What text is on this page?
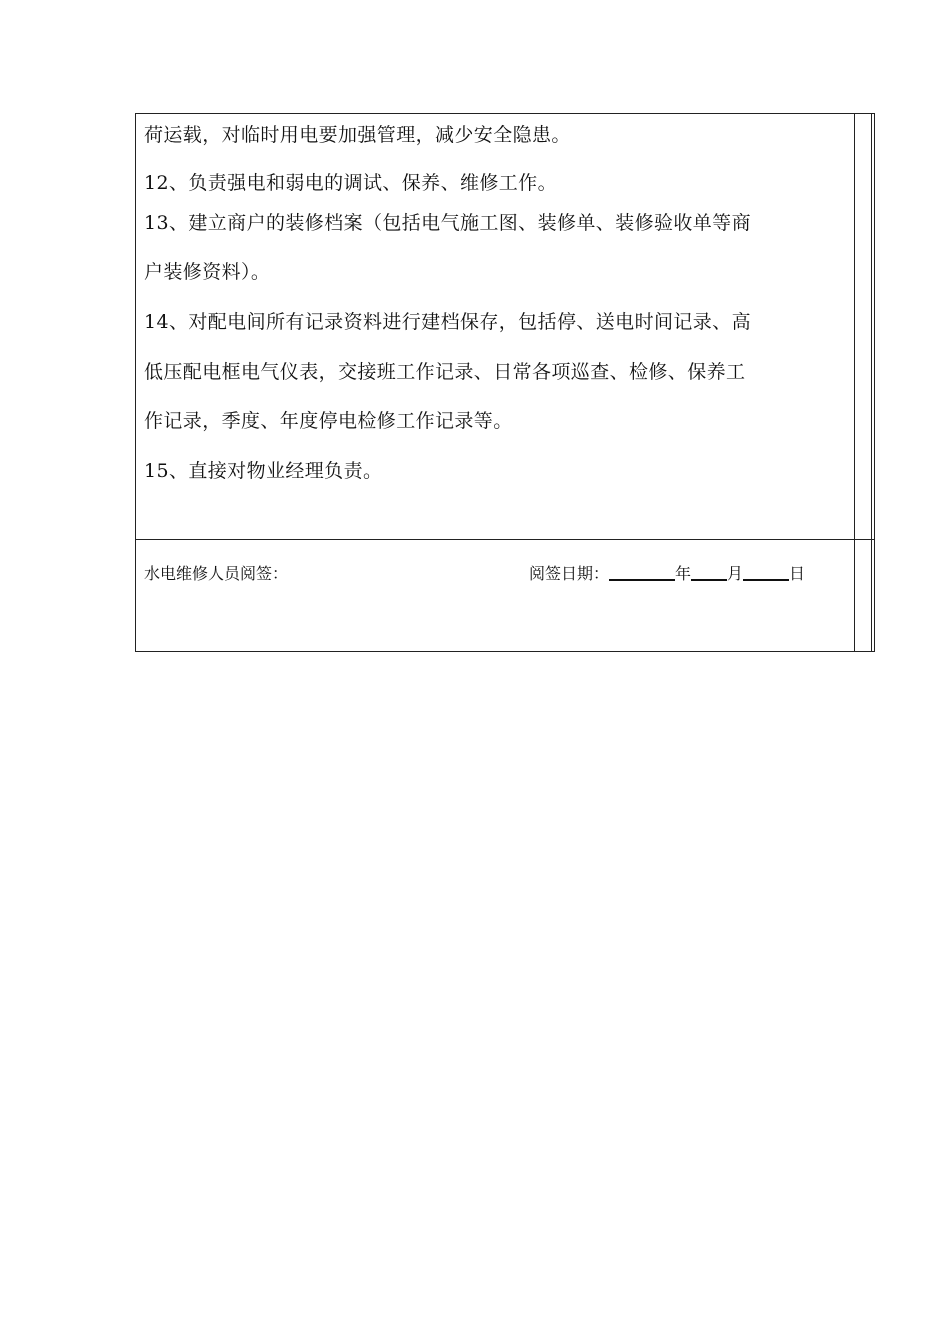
荷运载，对临时用电要加强管理，减少安全隐患。
12、负责强电和弱电的调试、保养、维修工作。
13、建立商户的装修档案（包括电气施工图、装修单、装修验收单等商
户装修资料）。
14、对配电间所有记录资料进行建档保存，包括停、送电时间记录、高
低压配电框电气仪表，交接班工作记录、日常各项巡查、检修、保养工
作记录，季度、年度停电检修工作记录等。
15、直接对物业经理负责。
水电维修人员阅签：	阅签日期：	年 月	日
